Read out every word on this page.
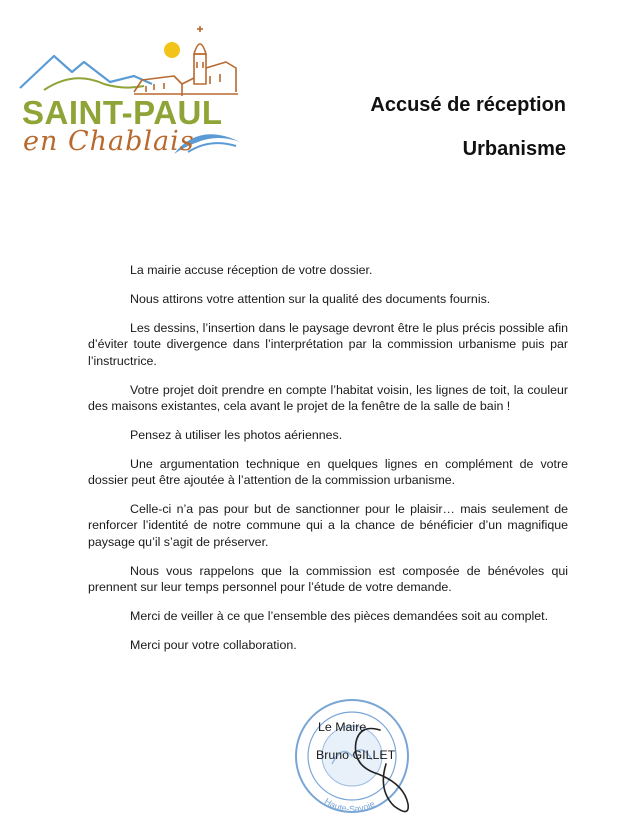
SAINT-PAUL
en Chablais
Accusé de réception
Urbanisme

La mairie accuse réception de votre dossier.

Nous attirons votre attention sur la qualité des documents fournis.

Les dessins, l’insertion dans le paysage devront être le plus précis possible afin d’éviter toute divergence dans l’interprétation par la commission urbanisme puis par l’instructrice.

Votre projet doit prendre en compte l’habitat voisin, les lignes de toit, la couleur des maisons existantes, cela avant le projet de la fenêtre de la salle de bain !

Pensez à utiliser les photos aériennes.

Une argumentation technique en quelques lignes en complément de votre dossier peut être ajoutée à l’attention de la commission urbanisme.

Celle-ci n’a pas pour but de sanctionner pour le plaisir… mais seulement de renforcer l’identité de notre commune qui a la chance de bénéficier d’un magnifique paysage qu’il s’agit de préserver.

Nous vous rappelons que la commission est composée de bénévoles qui prennent sur leur temps personnel pour l’étude de votre demande.

Merci de veiller à ce que l’ensemble des pièces demandées soit au complet.

Merci pour votre collaboration.

Haute-Savoie
Le Maire
Bruno GILLET
